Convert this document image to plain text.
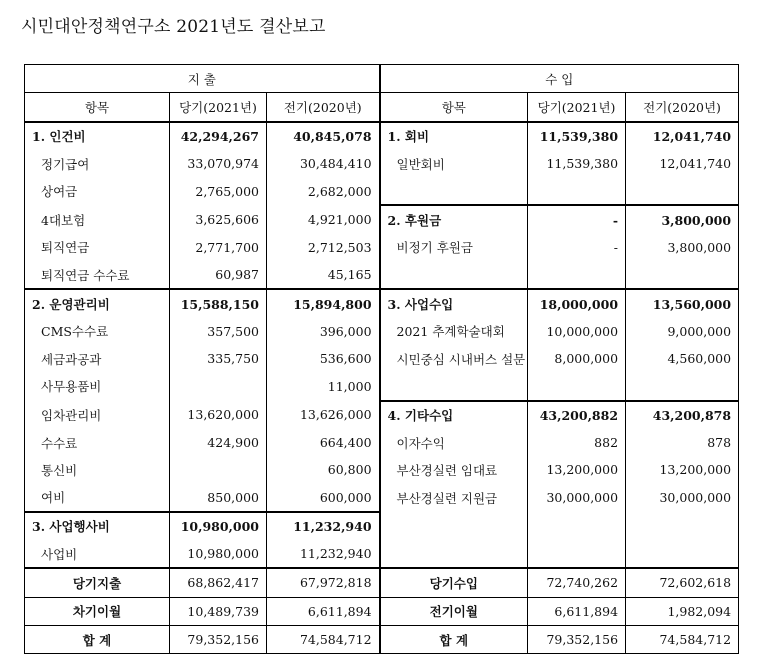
시민대안정책연구소 2021년도 결산보고
지 출			수 입		
항목	당기(2021년)	전기(2020년)	항목	당기(2021년)	전기(2020년)
1. 인건비	42,294,267	40,845,078	1. 회비	11,539,380	12,041,740
정기급여	33,070,974	30,484,410	일반회비	11,539,380	12,041,740
상여금	2,765,000	2,682,000			
4대보험	3,625,606	4,921,000	2. 후원금	-	3,800,000
퇴직연금	2,771,700	2,712,503	비정기 후원금	-	3,800,000
퇴직연금 수수료	60,987	45,165			
2. 운영관리비	15,588,150	15,894,800	3. 사업수입	18,000,000	13,560,000
CMS수수료	357,500	396,000	2021 추계학술대회	10,000,000	9,000,000
세금과공과	335,750	536,600	시민중심 시내버스 설문	8,000,000	4,560,000
사무용품비		11,000			
임차관리비	13,620,000	13,626,000	4. 기타수입	43,200,882	43,200,878
수수료	424,900	664,400	이자수익	882	878
통신비		60,800	부산경실련 임대료	13,200,000	13,200,000
여비	850,000	600,000	부산경실련 지원금	30,000,000	30,000,000
3. 사업행사비	10,980,000	11,232,940			
사업비	10,980,000	11,232,940			
당기지출	68,862,417	67,972,818	당기수입	72,740,262	72,602,618
차기이월	10,489,739	6,611,894	전기이월	6,611,894	1,982,094
합 계	79,352,156	74,584,712	합 계	79,352,156	74,584,712
